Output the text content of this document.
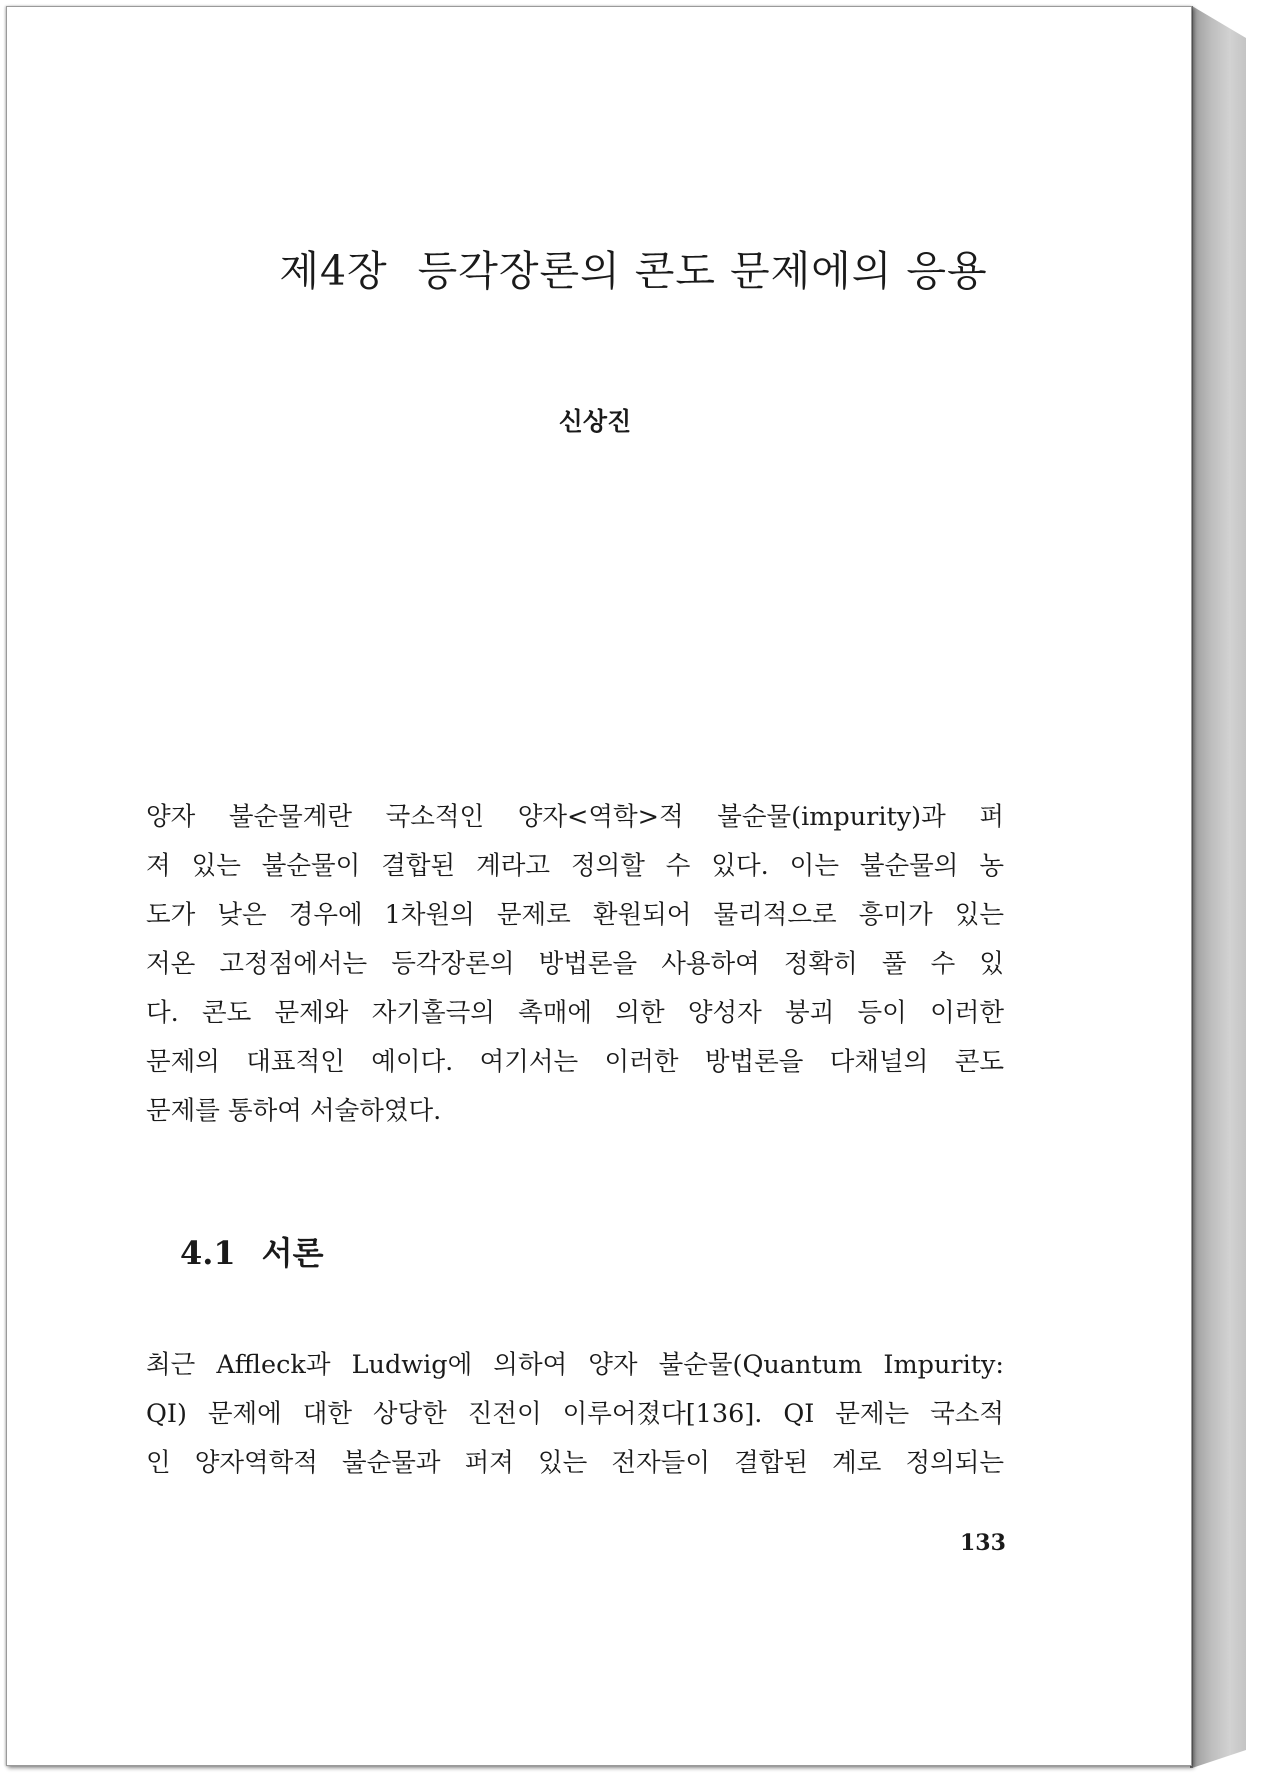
제4장 등각장론의 콘도 문제에의 응용
신상진
양자 불순물계란 국소적인 양자<역학>적 불순물(impurity)과 퍼
져 있는 불순물이 결합된 계라고 정의할 수 있다. 이는 불순물의 농
도가 낮은 경우에 1차원의 문제로 환원되어 물리적으로 흥미가 있는
저온 고정점에서는 등각장론의 방법론을 사용하여 정확히 풀 수 있
다. 콘도 문제와 자기홀극의 촉매에 의한 양성자 붕괴 등이 이러한
문제의 대표적인 예이다. 여기서는 이러한 방법론을 다채널의 콘도
문제를 통하여 서술하였다.
4.1 서론
최근 Affleck과 Ludwig에 의하여 양자 불순물(Quantum Impurity:
QI) 문제에 대한 상당한 진전이 이루어졌다[136]. QI 문제는 국소적
인 양자역학적 불순물과 퍼져 있는 전자들이 결합된 계로 정의되는
133
